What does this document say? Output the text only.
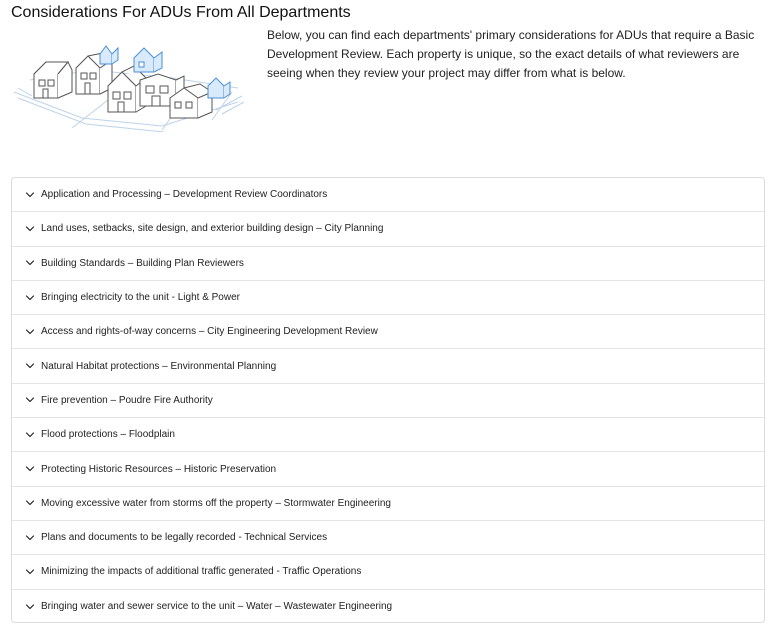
Considerations For ADUs From All Departments

Below, you can find each departments' primary considerations for ADUs that require a Basic Development Review. Each property is unique, so the exact details of what reviewers are seeing when they review your project may differ from what is below.

Application and Processing – Development Review Coordinators
Land uses, setbacks, site design, and exterior building design – City Planning
Building Standards – Building Plan Reviewers
Bringing electricity to the unit - Light & Power
Access and rights-of-way concerns – City Engineering Development Review
Natural Habitat protections – Environmental Planning
Fire prevention – Poudre Fire Authority
Flood protections – Floodplain
Protecting Historic Resources – Historic Preservation
Moving excessive water from storms off the property – Stormwater Engineering
Plans and documents to be legally recorded - Technical Services
Minimizing the impacts of additional traffic generated - Traffic Operations
Bringing water and sewer service to the unit – Water – Wastewater Engineering
